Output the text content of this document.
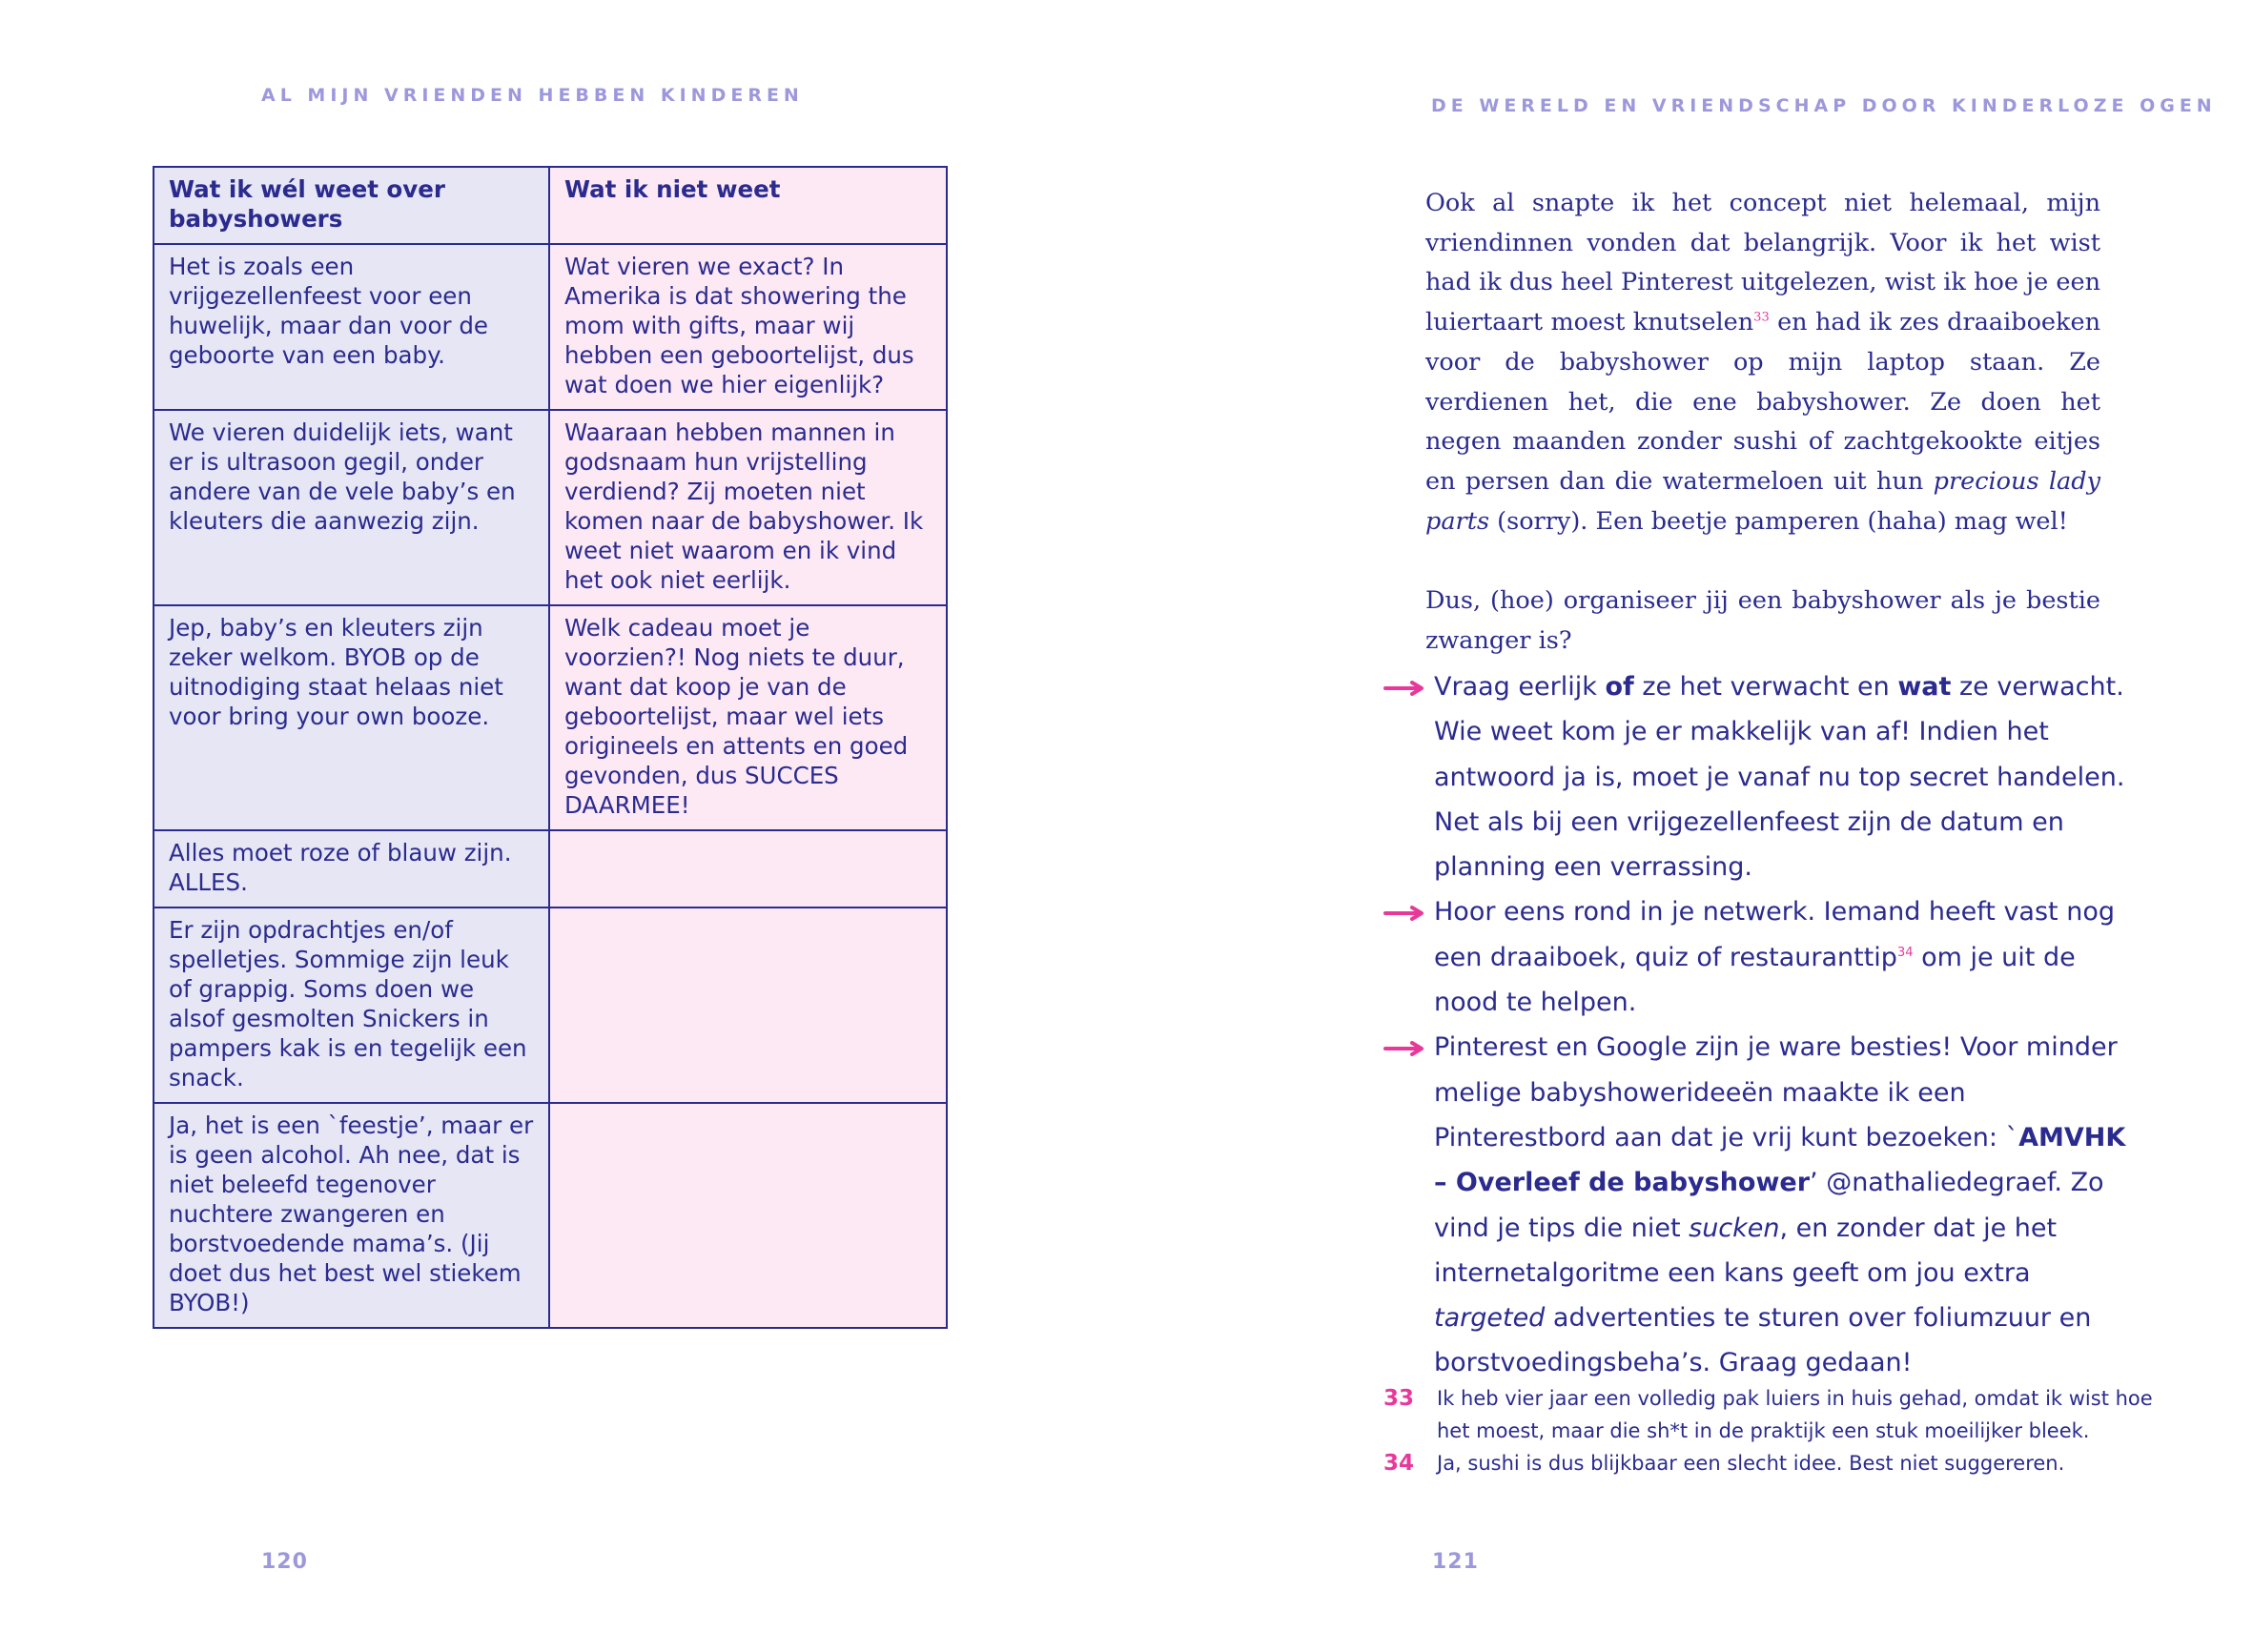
AL MIJN VRIENDEN HEBBEN KINDEREN
Wat ik wél weet over babyshowers	Wat ik niet weet
Het is zoals een vrijgezellenfeest voor een huwelijk, maar dan voor de geboorte van een baby.	Wat vieren we exact? In Amerika is dat showering the mom with gifts, maar wij hebben een geboortelijst, dus wat doen we hier eigenlijk?
We vieren duidelijk iets, want er is ultrasoon gegil, onder andere van de vele baby’s en kleuters die aanwezig zijn.	Waaraan hebben mannen in godsnaam hun vrijstelling verdiend? Zij moeten niet komen naar de babyshower. Ik weet niet waarom en ik vind het ook niet eerlijk.
Jep, baby’s en kleuters zijn zeker welkom. BYOB op de uitnodiging staat helaas niet voor bring your own booze.	Welk cadeau moet je voorzien?! Nog niets te duur, want dat koop je van de geboortelijst, maar wel iets origineels en attents en goed gevonden, dus SUCCES DAARMEE!
Alles moet roze of blauw zijn. ALLES.	
Er zijn opdrachtjes en/of spelletjes. Sommige zijn leuk of grappig. Soms doen we alsof gesmolten Snickers in pampers kak is en tegelijk een snack.	
Ja, het is een `feestje’, maar er is geen alcohol. Ah nee, dat is niet beleefd tegenover nuchtere zwangeren en borstvoedende mama’s. (Jij doet dus het best wel stiekem BYOB!)	
120
DE WERELD EN VRIENDSCHAP DOOR KINDERLOZE OGEN

Ook al snapte ik het concept niet helemaal, mijn vriendinnen vonden dat belangrijk. Voor ik het wist had ik dus heel Pinterest uitgelezen, wist ik hoe je een luiertaart moest knutselen$^{33}$ en had ik zes draaiboeken voor de babyshower op mijn laptop staan. Ze verdienen het, die ene babyshower. Ze doen het negen maanden zonder sushi of zachtgekookte eitjes en persen dan die watermeloen uit hun precious lady parts (sorry). Een beetje pamperen (haha) mag wel!

Dus, (hoe) organiseer jij een babyshower als je bestie zwanger is?

Vraag eerlijk of ze het verwacht en wat ze verwacht. Wie weet kom je er makkelijk van af! Indien het antwoord ja is, moet je vanaf nu top secret handelen. Net als bij een vrijgezellenfeest zijn de datum en planning een verrassing.
Hoor eens rond in je netwerk. Iemand heeft vast nog een draaiboek, quiz of restauranttip$^{34}$ om je uit de nood te helpen.
Pinterest en Google zijn je ware besties! Voor minder melige babyshowerideeën maakte ik een Pinterestbord aan dat je vrij kunt bezoeken: `AMVHK – Overleef de babyshower’ @nathaliedegraef. Zo vind je tips die niet sucken, en zonder dat je het internetalgoritme een kans geeft om jou extra targeted advertenties te sturen over foliumzuur en borstvoedingsbeha’s. Graag gedaan!
33 Ik heb vier jaar een volledig pak luiers in huis gehad, omdat ik wist hoe het moest, maar die sh*t in de praktijk een stuk moeilijker bleek.
34 Ja, sushi is dus blijkbaar een slecht idee. Best niet suggereren.
121
